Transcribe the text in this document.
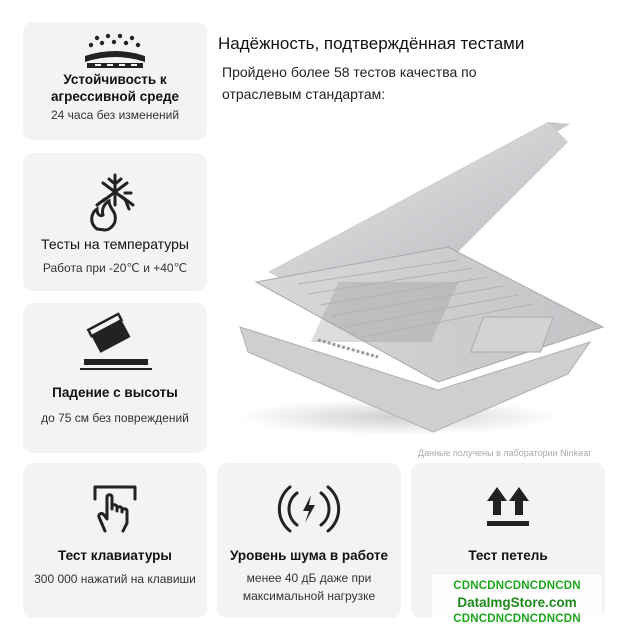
Устойчивость к агрессивной среде
24 часа без изменений
Тесты на температуры
Работа при -20℃ и +40℃
Падение с высоты
до 75 см без повреждений
Тест клавиатуры
300 000 нажатий на клавиши
Уровень шума в работе
менее 40 дБ даже при максимальной нагрузке
Тест петель
Надёжность, подтверждённая тестами
Пройдено более 58 тестов качества по отраслевым стандартам:
Данные получены в лаборатории Ninkear
CDNCDNCDNCDNCDN
DataImgStore.com
CDNCDNCDNCDNCDN
